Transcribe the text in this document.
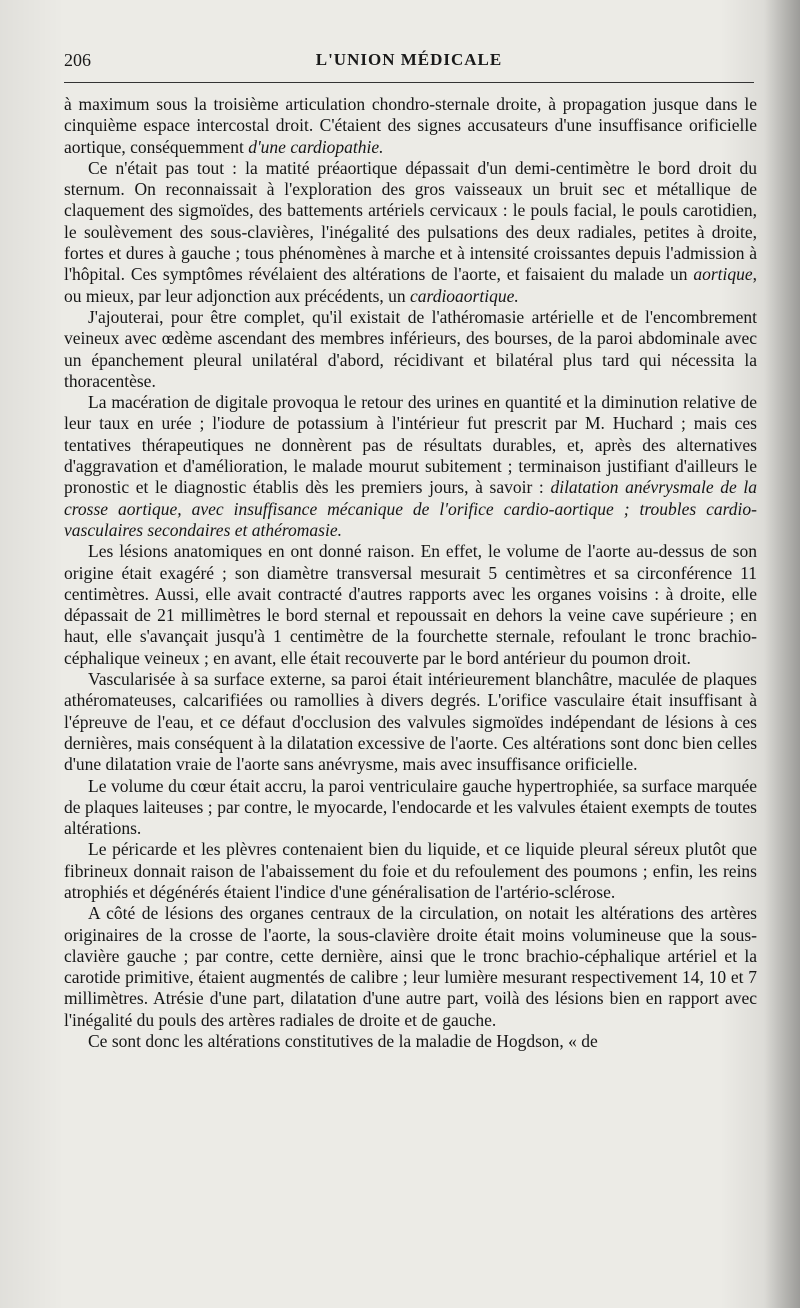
206	L'UNION MÉDICALE

à maximum sous la troisième articulation chondro-sternale droite, à propagation jusque dans le cinquième espace intercostal droit. C'étaient des signes accusateurs d'une insuffisance orificielle aortique, conséquemment d'une cardiopathie.

Ce n'était pas tout : la matité préaortique dépassait d'un demi-centimètre le bord droit du sternum. On reconnaissait à l'exploration des gros vaisseaux un bruit sec et métallique de claquement des sigmoïdes, des battements artériels cervicaux : le pouls facial, le pouls carotidien, le soulèvement des sous-clavières, l'inégalité des pulsations des deux radiales, petites à droite, fortes et dures à gauche ; tous phénomènes à marche et à intensité croissantes depuis l'admission à l'hôpital. Ces symptômes révélaient des altérations de l'aorte, et faisaient du malade un aortique, ou mieux, par leur adjonction aux précédents, un cardioaortique.

J'ajouterai, pour être complet, qu'il existait de l'athéromasie artérielle et de l'encombrement veineux avec œdème ascendant des membres inférieurs, des bourses, de la paroi abdominale avec un épanchement pleural unilatéral d'abord, récidivant et bilatéral plus tard qui nécessita la thoracentèse.

La macération de digitale provoqua le retour des urines en quantité et la diminution relative de leur taux en urée ; l'iodure de potassium à l'intérieur fut prescrit par M. Huchard ; mais ces tentatives thérapeutiques ne donnèrent pas de résultats durables, et, après des alternatives d'aggravation et d'amélioration, le malade mourut subitement ; terminaison justifiant d'ailleurs le pronostic et le diagnostic établis dès les premiers jours, à savoir : dilatation anévrysmale de la crosse aortique, avec insuffisance mécanique de l'orifice cardio-aortique ; troubles cardio-vasculaires secondaires et athéromasie.

Les lésions anatomiques en ont donné raison. En effet, le volume de l'aorte au-dessus de son origine était exagéré ; son diamètre transversal mesurait 5 centimètres et sa circonférence 11 centimètres. Aussi, elle avait contracté d'autres rapports avec les organes voisins : à droite, elle dépassait de 21 millimètres le bord sternal et repoussait en dehors la veine cave supérieure ; en haut, elle s'avançait jusqu'à 1 centimètre de la fourchette sternale, refoulant le tronc brachio-céphalique veineux ; en avant, elle était recouverte par le bord antérieur du poumon droit.

Vascularisée à sa surface externe, sa paroi était intérieurement blanchâtre, maculée de plaques athéromateuses, calcarifiées ou ramollies à divers degrés. L'orifice vasculaire était insuffisant à l'épreuve de l'eau, et ce défaut d'occlusion des valvules sigmoïdes indépendant de lésions à ces dernières, mais conséquent à la dilatation excessive de l'aorte. Ces altérations sont donc bien celles d'une dilatation vraie de l'aorte sans anévrysme, mais avec insuffisance orificielle.

Le volume du cœur était accru, la paroi ventriculaire gauche hypertrophiée, sa surface marquée de plaques laiteuses ; par contre, le myocarde, l'endocarde et les valvules étaient exempts de toutes altérations.

Le péricarde et les plèvres contenaient bien du liquide, et ce liquide pleural séreux plutôt que fibrineux donnait raison de l'abaissement du foie et du refoulement des poumons ; enfin, les reins atrophiés et dégénérés étaient l'indice d'une généralisation de l'artério-sclérose.

A côté de lésions des organes centraux de la circulation, on notait les altérations des artères originaires de la crosse de l'aorte, la sous-clavière droite était moins volumineuse que la sous-clavière gauche ; par contre, cette dernière, ainsi que le tronc brachio-céphalique artériel et la carotide primitive, étaient augmentés de calibre ; leur lumière mesurant respectivement 14, 10 et 7 millimètres. Atrésie d'une part, dilatation d'une autre part, voilà des lésions bien en rapport avec l'inégalité du pouls des artères radiales de droite et de gauche.

Ce sont donc les altérations constitutives de la maladie de Hogdson, « de
